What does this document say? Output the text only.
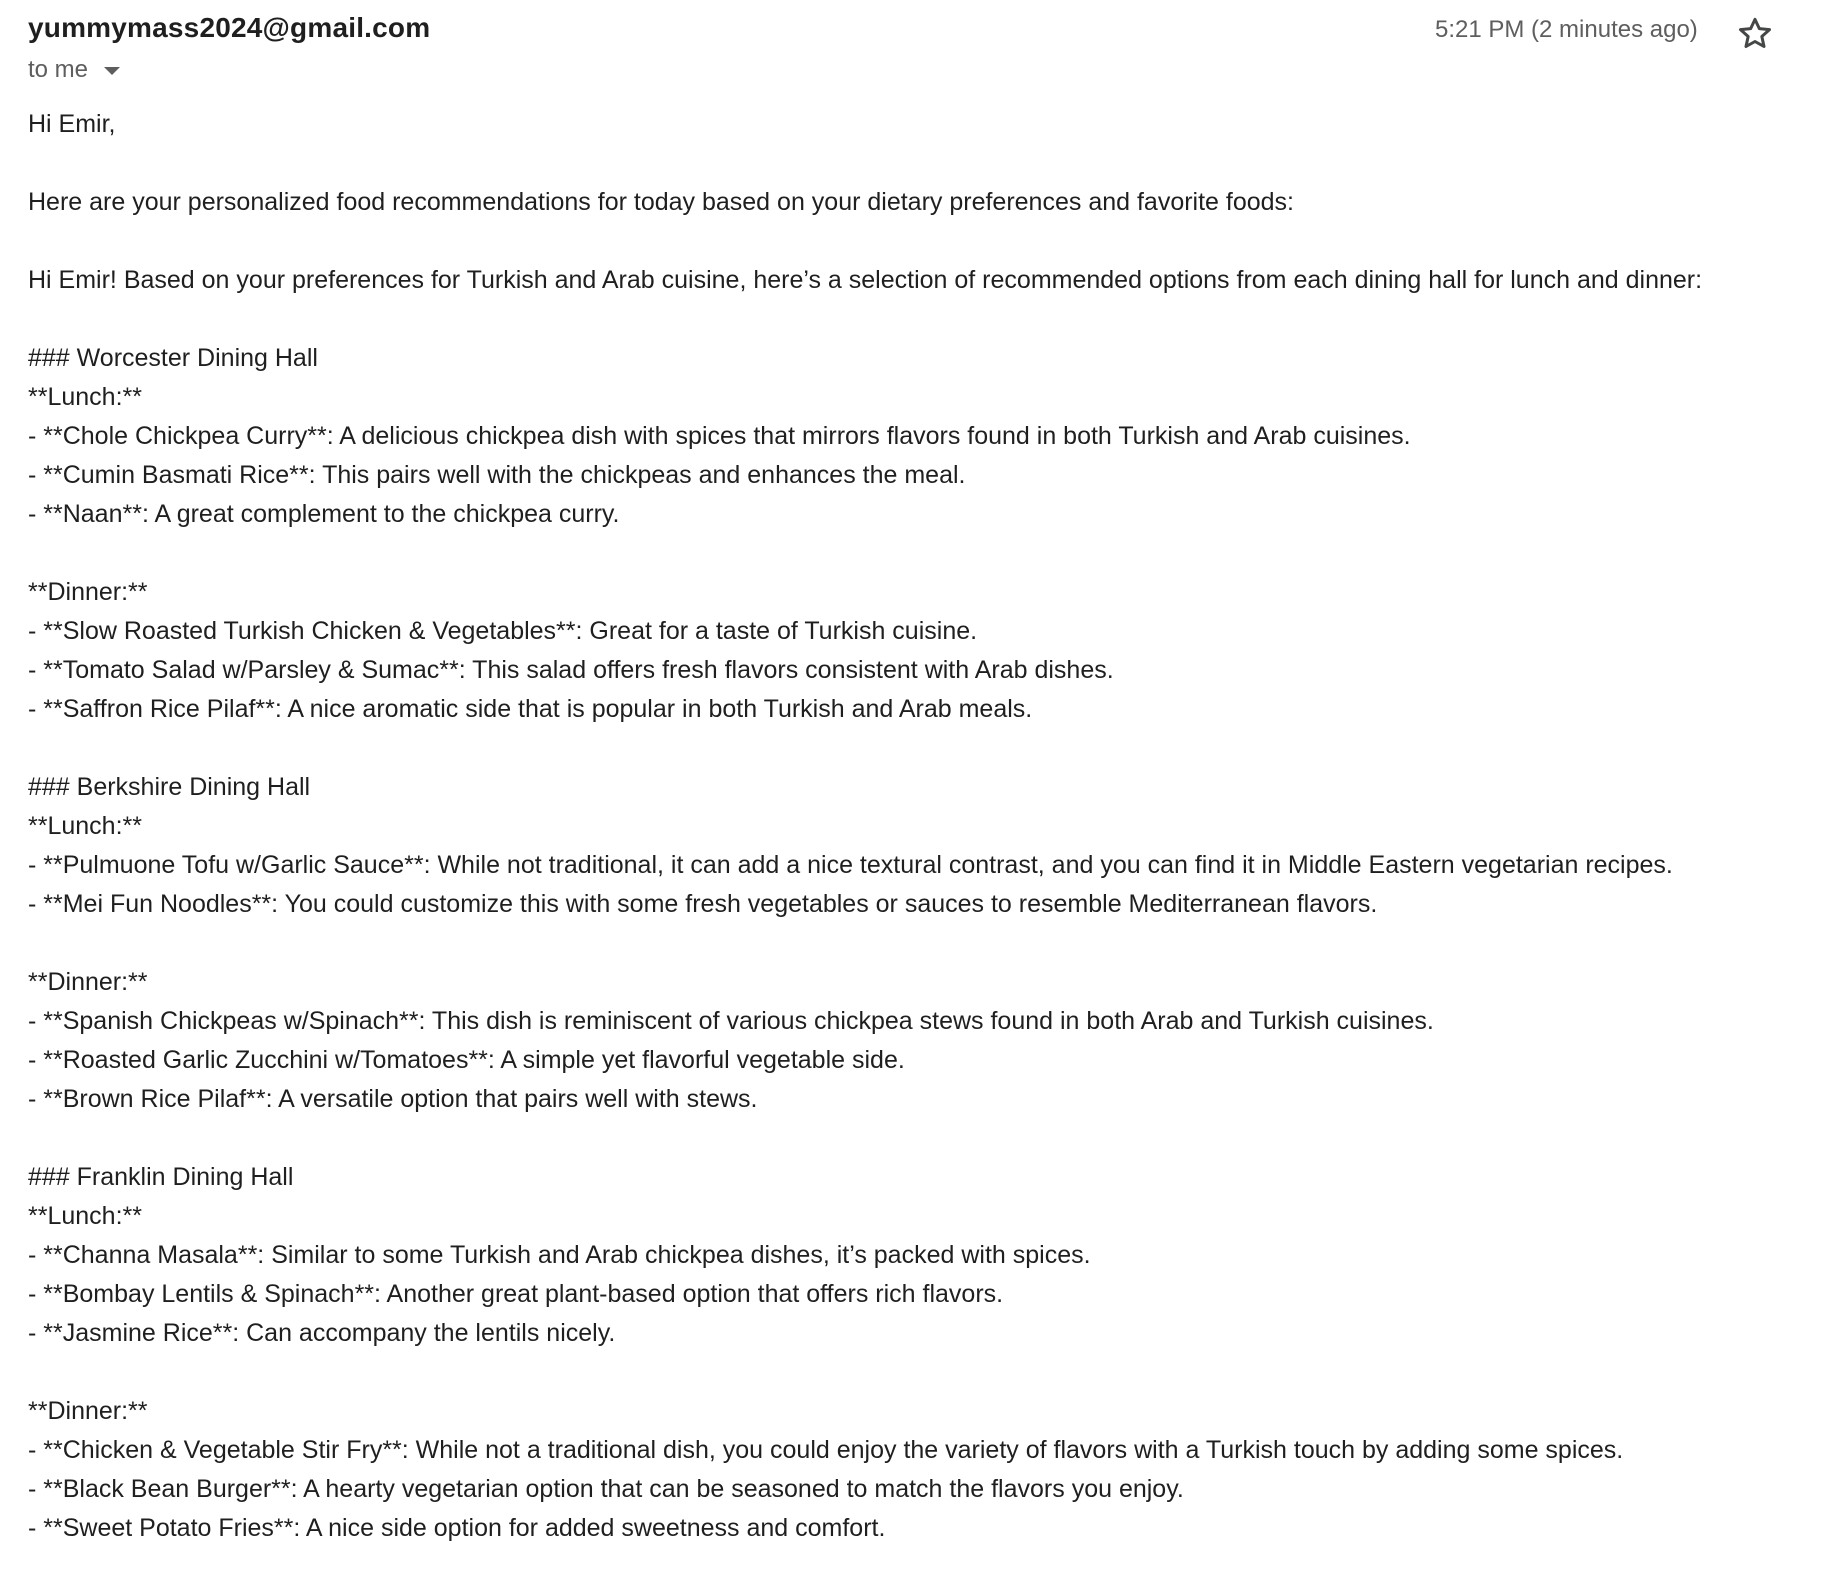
yummymass2024@gmail.com
to me
5:21 PM (2 minutes ago)
Hi Emir,
Here are your personalized food recommendations for today based on your dietary preferences and favorite foods:
Hi Emir! Based on your preferences for Turkish and Arab cuisine, here’s a selection of recommended options from each dining hall for lunch and dinner:
### Worcester Dining Hall
**Lunch:**
- **Chole Chickpea Curry**: A delicious chickpea dish with spices that mirrors flavors found in both Turkish and Arab cuisines.
- **Cumin Basmati Rice**: This pairs well with the chickpeas and enhances the meal.
- **Naan**: A great complement to the chickpea curry.
**Dinner:**
- **Slow Roasted Turkish Chicken & Vegetables**: Great for a taste of Turkish cuisine.
- **Tomato Salad w/Parsley & Sumac**: This salad offers fresh flavors consistent with Arab dishes.
- **Saffron Rice Pilaf**: A nice aromatic side that is popular in both Turkish and Arab meals.
### Berkshire Dining Hall
**Lunch:**
- **Pulmuone Tofu w/Garlic Sauce**: While not traditional, it can add a nice textural contrast, and you can find it in Middle Eastern vegetarian recipes.
- **Mei Fun Noodles**: You could customize this with some fresh vegetables or sauces to resemble Mediterranean flavors.
**Dinner:**
- **Spanish Chickpeas w/Spinach**: This dish is reminiscent of various chickpea stews found in both Arab and Turkish cuisines.
- **Roasted Garlic Zucchini w/Tomatoes**: A simple yet flavorful vegetable side.
- **Brown Rice Pilaf**: A versatile option that pairs well with stews.
### Franklin Dining Hall
**Lunch:**
- **Channa Masala**: Similar to some Turkish and Arab chickpea dishes, it’s packed with spices.
- **Bombay Lentils & Spinach**: Another great plant-based option that offers rich flavors.
- **Jasmine Rice**: Can accompany the lentils nicely.
**Dinner:**
- **Chicken & Vegetable Stir Fry**: While not a traditional dish, you could enjoy the variety of flavors with a Turkish touch by adding some spices.
- **Black Bean Burger**: A hearty vegetarian option that can be seasoned to match the flavors you enjoy.
- **Sweet Potato Fries**: A nice side option for added sweetness and comfort.
